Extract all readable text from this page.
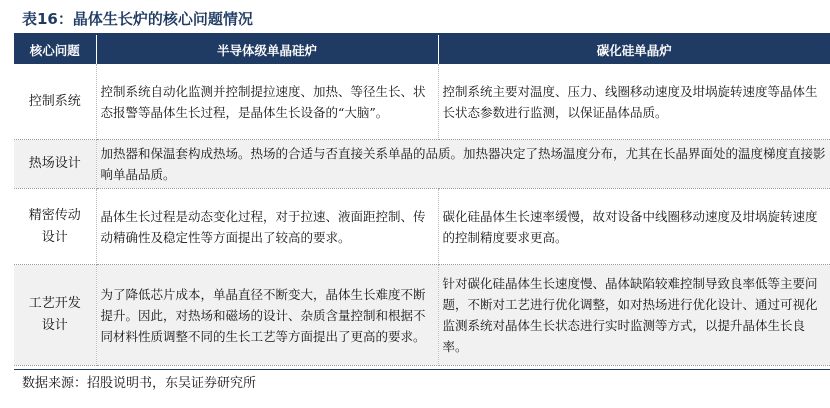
表16：晶体生长炉的核心问题情况
核心问题	半导体级单晶硅炉	碳化硅单晶炉
控制系统	控制系统自动化监测并控制提拉速度、加热、等径生长、状态报警等晶体生长过程，是晶体生长设备的“大脑”。	控制系统主要对温度、压力、线圈移动速度及坩埚旋转速度等晶体生长状态参数进行监测，以保证晶体品质。
热场设计	加热器和保温套构成热场。热场的合适与否直接关系单晶的品质。加热器决定了热场温度分布，尤其在长晶界面处的温度梯度直接影响单晶品质。	
精密传动设计	晶体生长过程是动态变化过程，对于拉速、液面距控制、传动精确性及稳定性等方面提出了较高的要求。	碳化硅晶体生长速率缓慢，故对设备中线圈移动速度及坩埚旋转速度的控制精度要求更高。
工艺开发设计	为了降低芯片成本，单晶直径不断变大，晶体生长难度不断提升。因此，对热场和磁场的设计、杂质含量控制和根据不同材料性质调整不同的生长工艺等方面提出了更高的要求。	针对碳化硅晶体生长速度慢、晶体缺陷较难控制导致良率低等主要问题，不断对工艺进行优化调整，如对热场进行优化设计、通过可视化监测系统对晶体生长状态进行实时监测等方式，以提升晶体生长良率。
数据来源：招股说明书，东吴证券研究所
